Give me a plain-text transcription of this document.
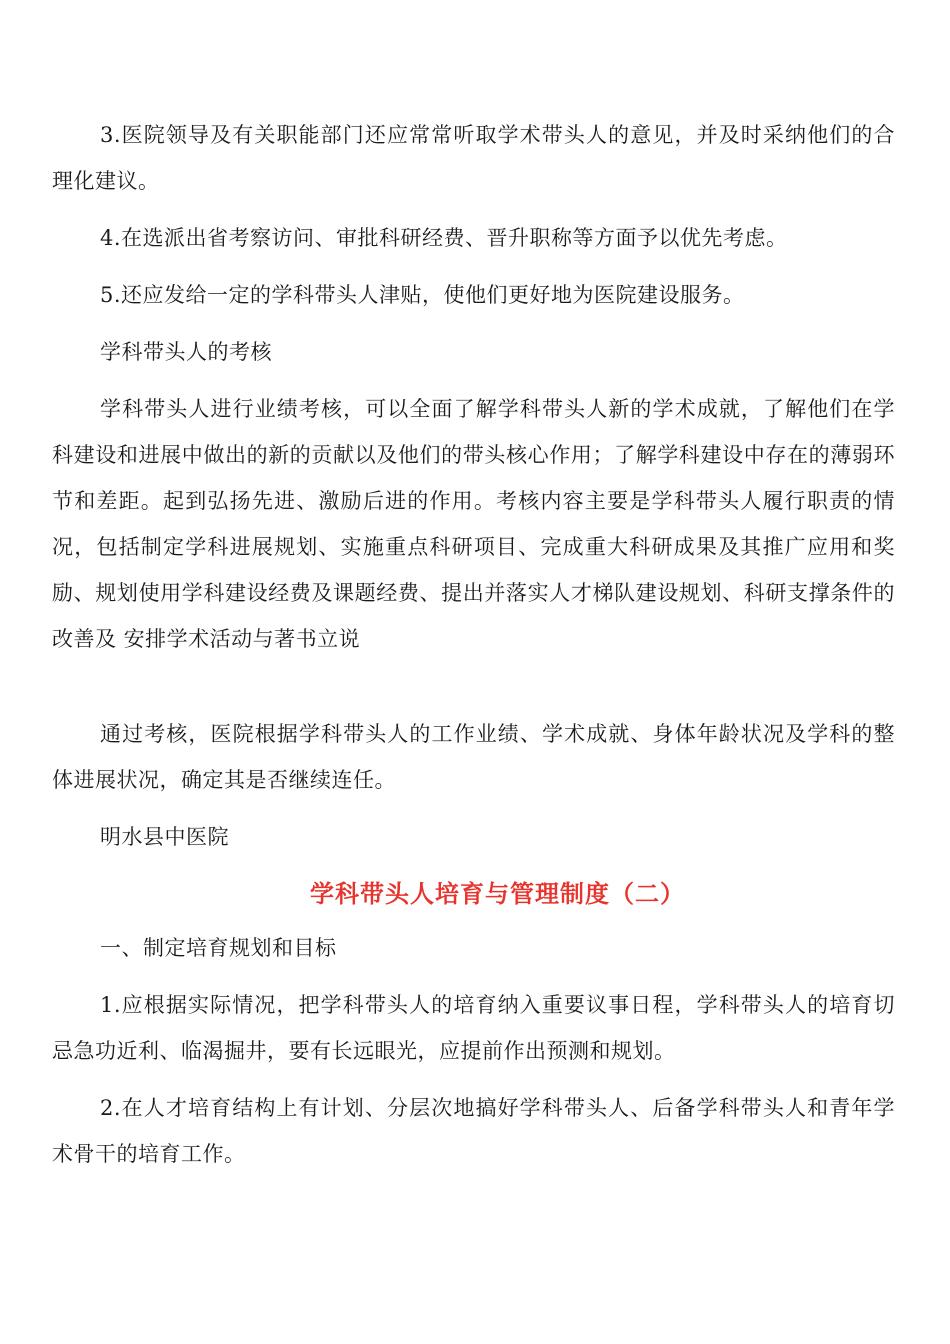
3.医院领导及有关职能部门还应常常听取学术带头人的意见，并及时采纳他们的合理化建议。

4.在选派出省考察访问、审批科研经费、晋升职称等方面予以优先考虑。

5.还应发给一定的学科带头人津贴，使他们更好地为医院建设服务。

学科带头人的考核

学科带头人进行业绩考核，可以全面了解学科带头人新的学术成就，了解他们在学科建设和进展中做出的新的贡献以及他们的带头核心作用；了解学科建设中存在的薄弱环节和差距。起到弘扬先进、激励后进的作用。考核内容主要是学科带头人履行职责的情况，包括制定学科进展规划、实施重点科研项目、完成重大科研成果及其推广应用和奖励、规划使用学科建设经费及课题经费、提出并落实人才梯队建设规划、科研支撑条件的改善及 安排学术活动与著书立说

通过考核，医院根据学科带头人的工作业绩、学术成就、身体年龄状况及学科的整体进展状况，确定其是否继续连任。

明水县中医院

学科带头人培育与管理制度（二）

一、制定培育规划和目标

1.应根据实际情况，把学科带头人的培育纳入重要议事日程，学科带头人的培育切忌急功近利、临渴掘井，要有长远眼光，应提前作出预测和规划。

2.在人才培育结构上有计划、分层次地搞好学科带头人、后备学科带头人和青年学术骨干的培育工作。
